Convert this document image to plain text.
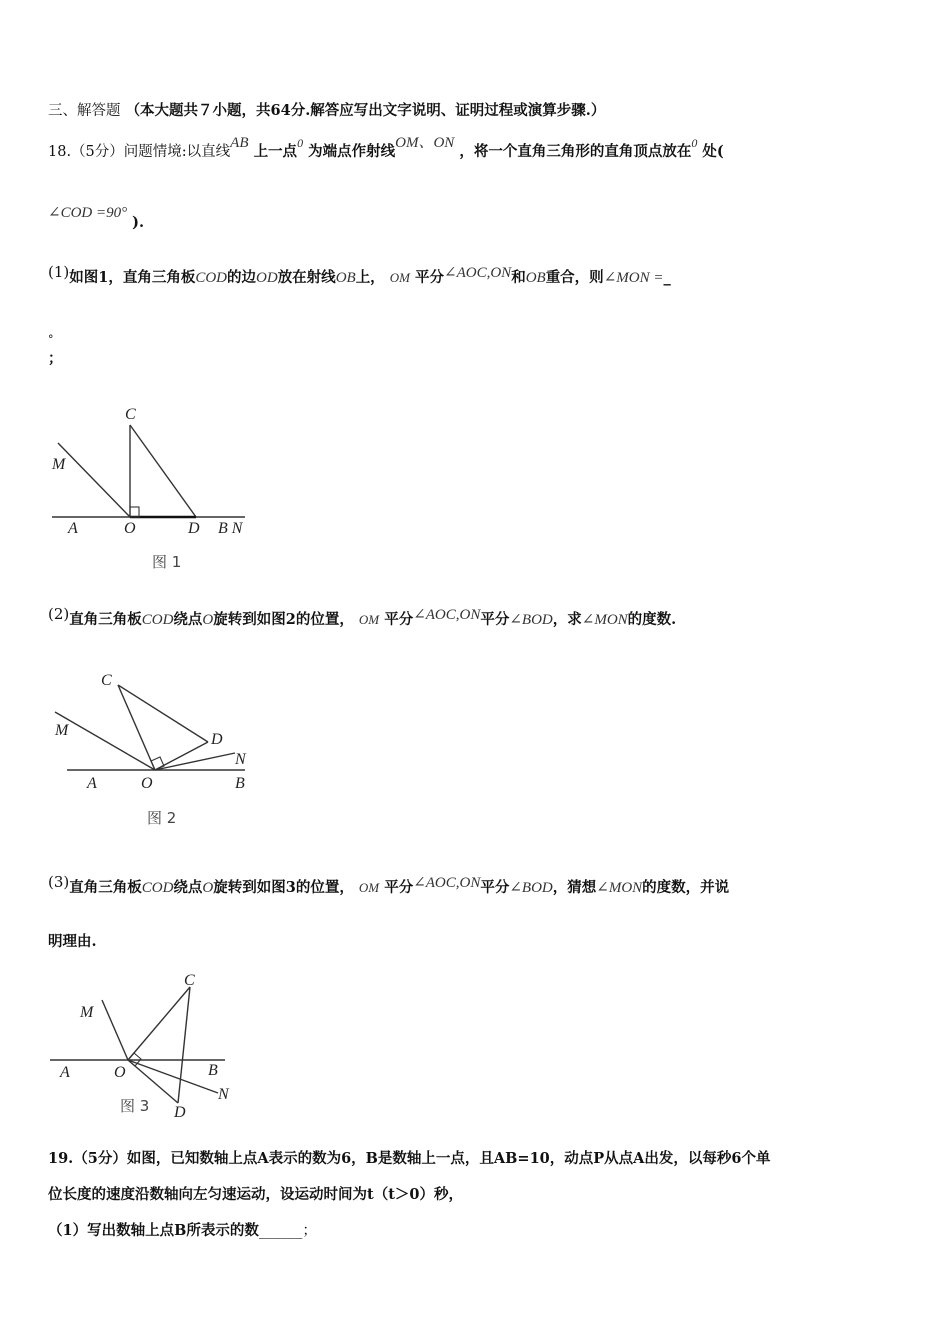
三、解答题 （本大题共７小题，共64分.解答应写出文字说明、证明过程或演算步骤.）
18.（5分）问题情境:以直线AB 上一点$^0$ 为端点作射线OM、ON ，将一个直角三角形的直角顶点放在$^0$ 处(
∠COD =90° ).
(1)如图1，直角三角板COD的边OD放在射线OB上， OM 平分∠AOC,ON和OB重合，则∠MON =_
°
；
C
M
A	O	D B N
图 1
(2)直角三角板COD绕点O旋转到如图2的位置， OM 平分∠AOC,ON平分∠BOD，求∠MON的度数.
C
M
D
N
A	O	B
图 2
(3)直角三角板COD绕点O旋转到如图3的位置， OM 平分∠AOC,ON平分∠BOD，猜想∠MON的度数，并说
明理由.
C
M
A	O	B
N
D
图 3
19.（5分）如图，已知数轴上点A表示的数为6，B是数轴上一点，且AB=10，动点P从点A出发，以每秒6个单
位长度的速度沿数轴向左匀速运动，设运动时间为t（t＞0）秒，
（1）写出数轴上点B所表示的数______；
